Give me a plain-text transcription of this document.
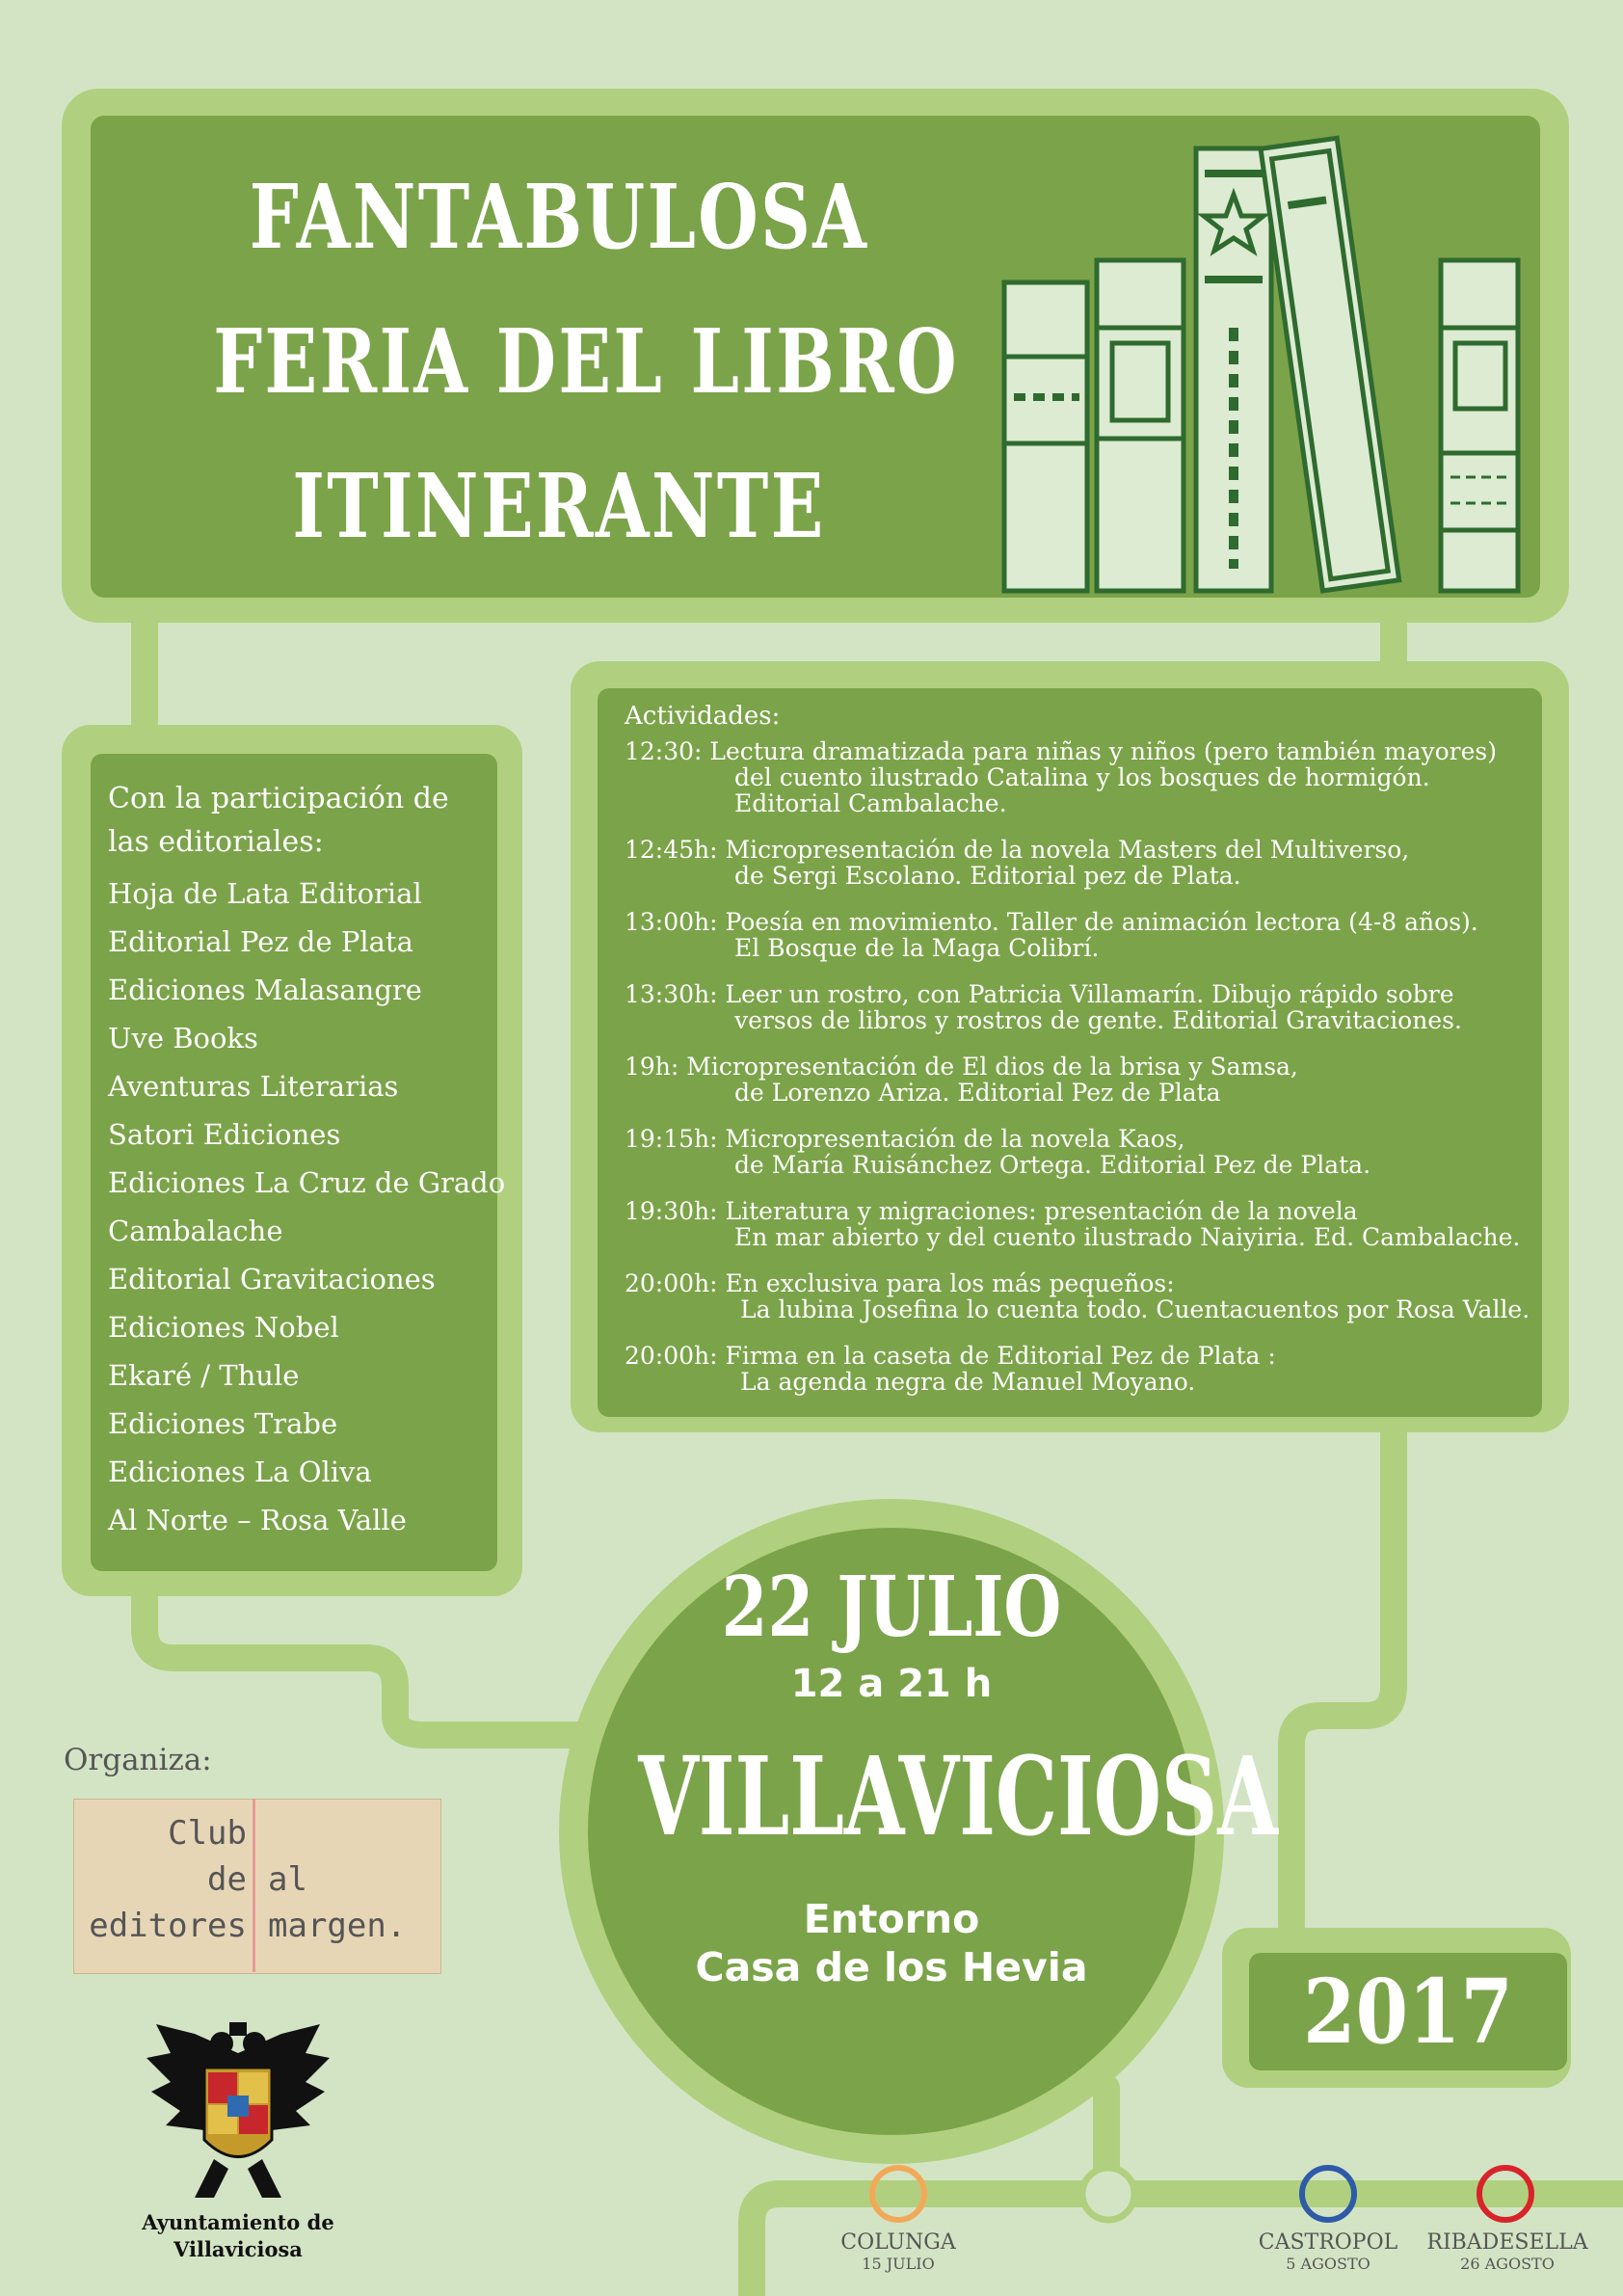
FANTABULOSA
FERIA DEL LIBRO
ITINERANTE
Con la participación de
las editoriales:
Hoja de Lata Editorial
Editorial Pez de Plata
Ediciones Malasangre
Uve Books
Aventuras Literarias
Satori Ediciones
Ediciones La Cruz de Grado
Cambalache
Editorial Gravitaciones
Ediciones Nobel
Ekaré / Thule
Ediciones Trabe
Ediciones La Oliva
Al Norte – Rosa Valle
Actividades:
12:30: Lectura dramatizada para niñas y niños (pero también mayores)
del cuento ilustrado Catalina y los bosques de hormigón.
Editorial Cambalache.
12:45h: Micropresentación de la novela Masters del Multiverso,
de Sergi Escolano. Editorial pez de Plata.
13:00h: Poesía en movimiento. Taller de animación lectora (4-8 años).
El Bosque de la Maga Colibrí.
13:30h: Leer un rostro, con Patricia Villamarín. Dibujo rápido sobre
versos de libros y rostros de gente. Editorial Gravitaciones.
19h: Micropresentación de El dios de la brisa y Samsa,
de Lorenzo Ariza. Editorial Pez de Plata
19:15h: Micropresentación de la novela Kaos,
de María Ruisánchez Ortega. Editorial Pez de Plata.
19:30h: Literatura y migraciones: presentación de la novela
En mar abierto y del cuento ilustrado Naiyiria. Ed. Cambalache.
20:00h: En exclusiva para los más pequeños:
La lubina Josefina lo cuenta todo. Cuentacuentos por Rosa Valle.
20:00h: Firma en la caseta de Editorial Pez de Plata :
La agenda negra de Manuel Moyano.
22 JULIO
12 a 21 h
VILLAVICIOSA
Entorno
Casa de los Hevia	2017
Organiza:
Club
de
editores
al
margen.
Ayuntamiento de
Villaviciosa	COLUNGA
15 JULIO
CASTROPOL
5 AGOSTO
RIBADESELLA
26 AGOSTO
